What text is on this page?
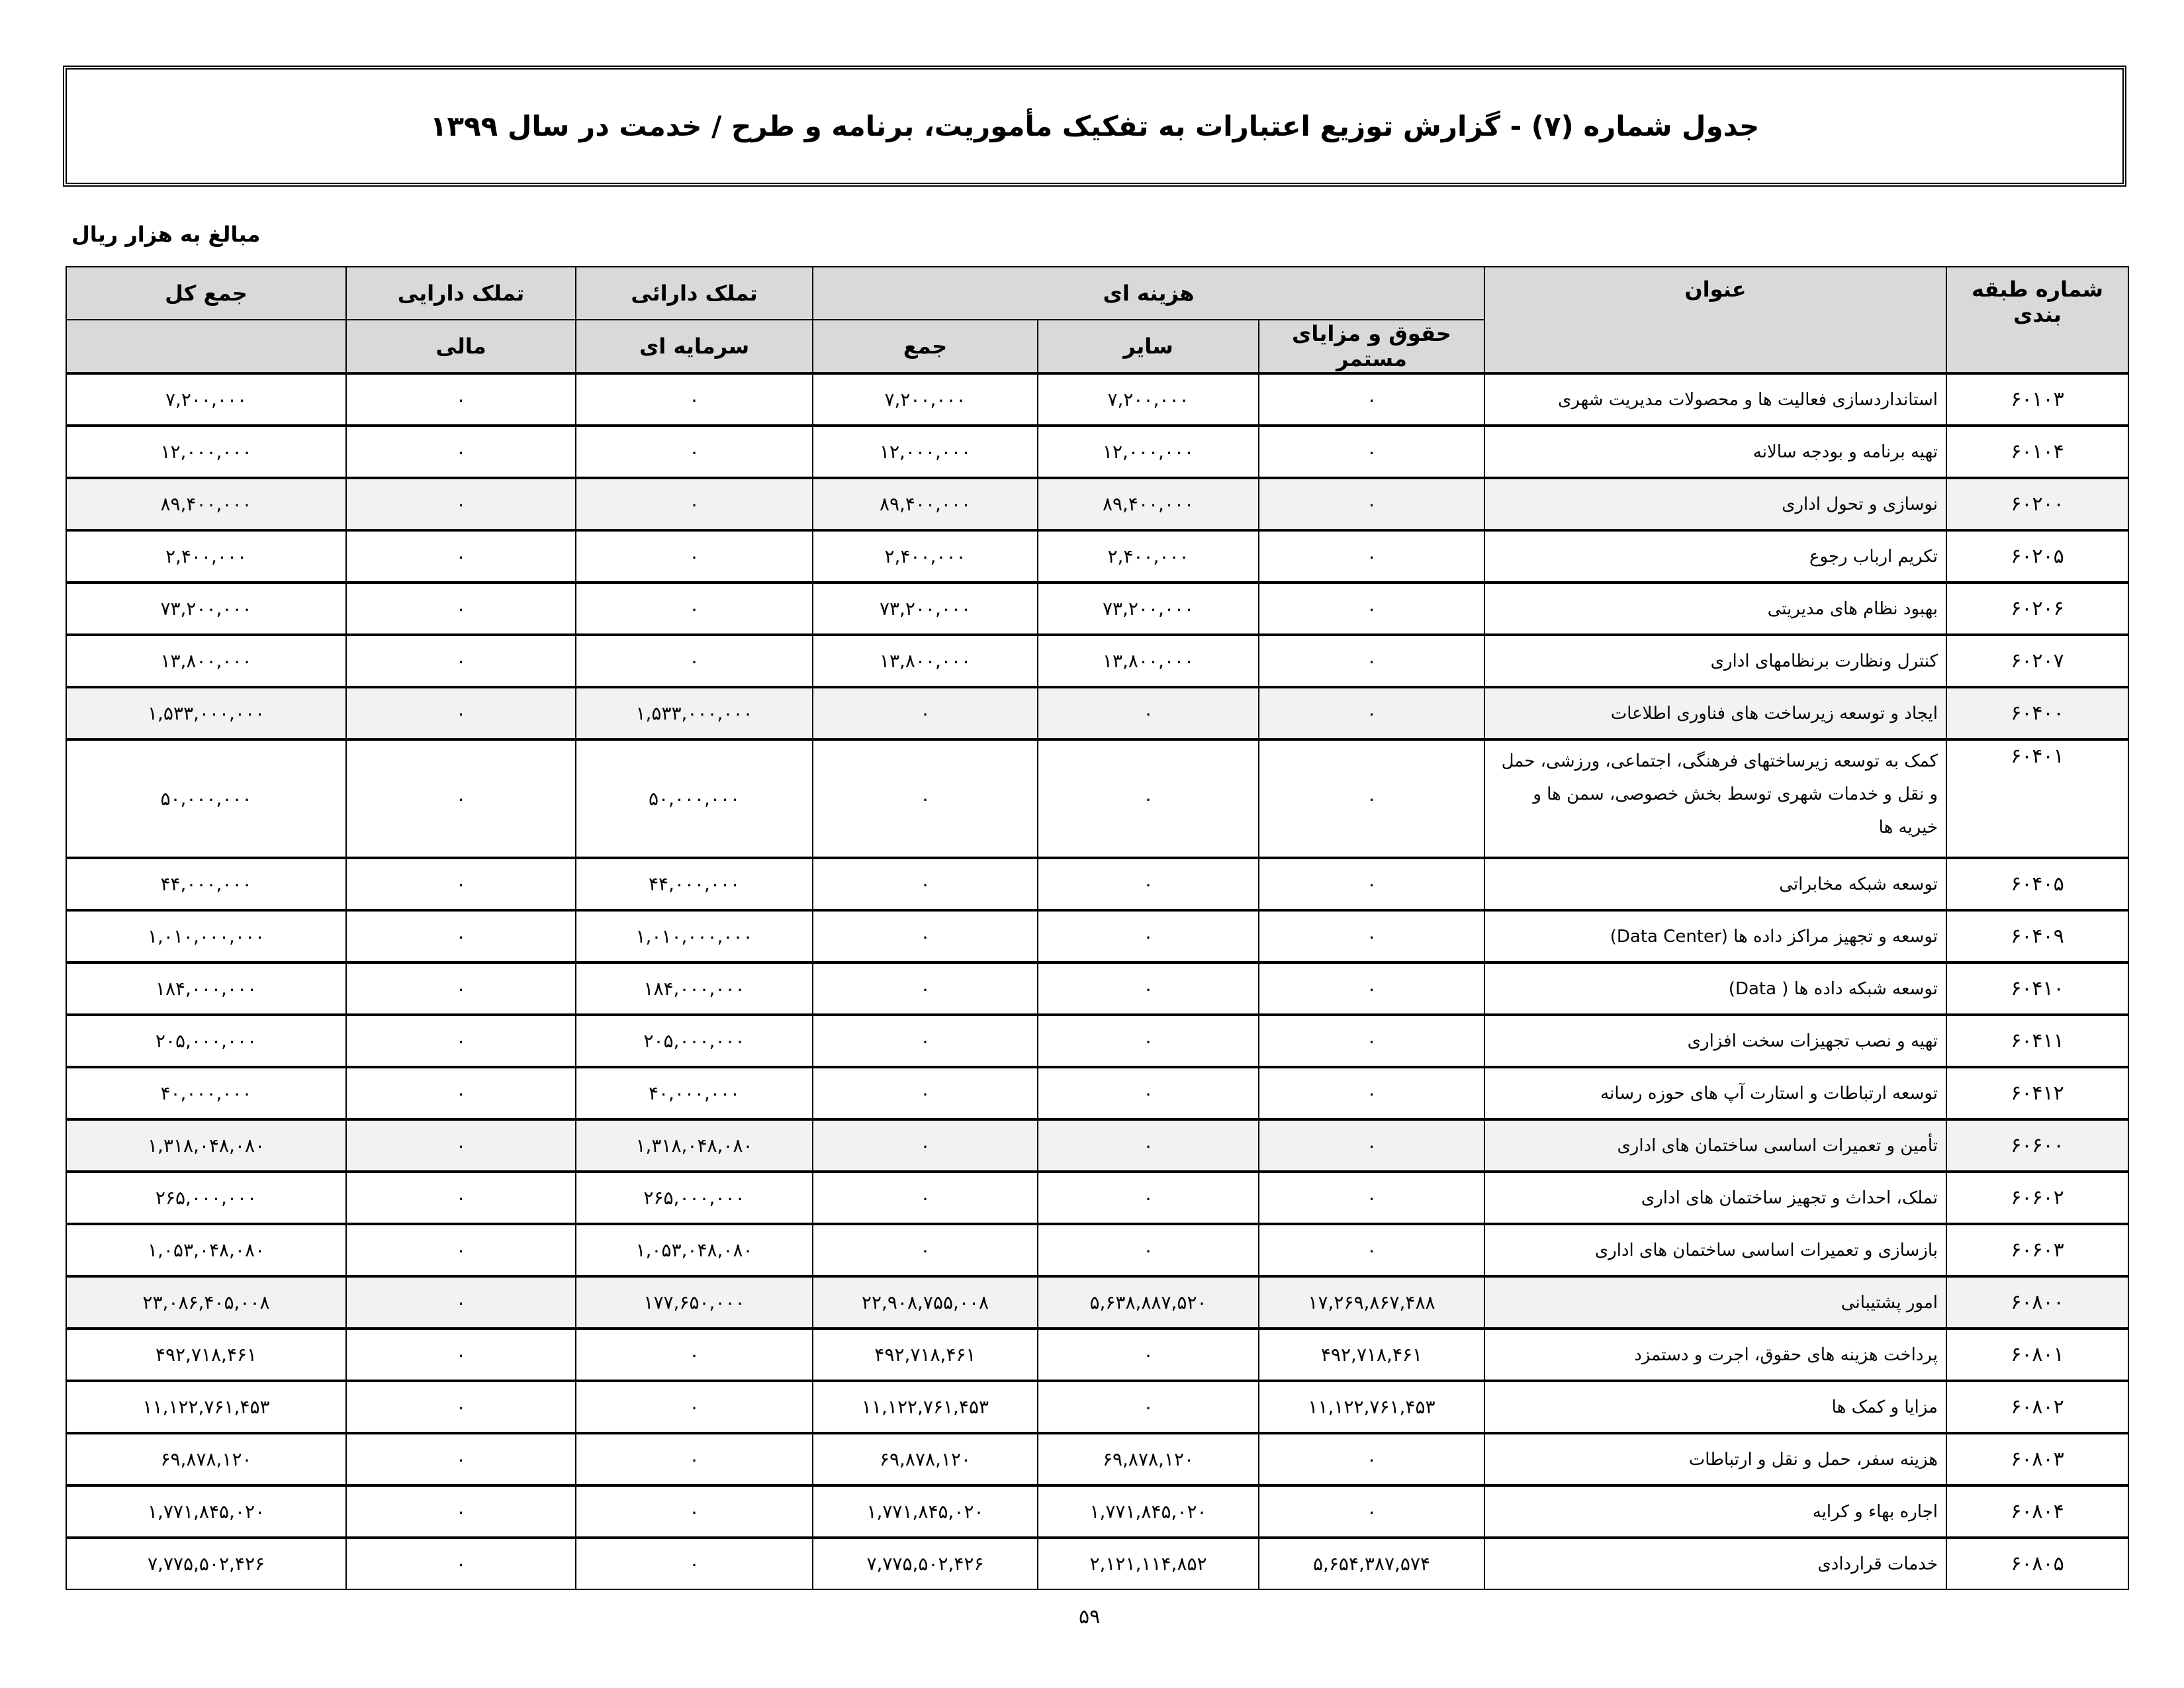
جدول شماره (۷) - گزارش توزیع اعتبارات به تفکیک مأموریت، برنامه و طرح / خدمت در سال ۱۳۹۹
مبالغ به هزار ریال
شماره طبقه بندی	عنوان	هزینه ای			تملک دارائی	تملک دارایی	جمع کل
		حقوق و مزایای مستمر	سایر	جمع	سرمایه ای	مالی	
۶۰۱۰۳	استانداردسازی فعالیت ها و محصولات مدیریت شهری	۰	۷,۲۰۰,۰۰۰	۷,۲۰۰,۰۰۰	۰	۰	۷,۲۰۰,۰۰۰
۶۰۱۰۴	تهیه برنامه و بودجه سالانه	۰	۱۲,۰۰۰,۰۰۰	۱۲,۰۰۰,۰۰۰	۰	۰	۱۲,۰۰۰,۰۰۰
۶۰۲۰۰	نوسازی و تحول اداری	۰	۸۹,۴۰۰,۰۰۰	۸۹,۴۰۰,۰۰۰	۰	۰	۸۹,۴۰۰,۰۰۰
۶۰۲۰۵	تکریم ارباب رجوع	۰	۲,۴۰۰,۰۰۰	۲,۴۰۰,۰۰۰	۰	۰	۲,۴۰۰,۰۰۰
۶۰۲۰۶	بهبود نظام های مدیریتی	۰	۷۳,۲۰۰,۰۰۰	۷۳,۲۰۰,۰۰۰	۰	۰	۷۳,۲۰۰,۰۰۰
۶۰۲۰۷	کنترل ونظارت برنظامهای اداری	۰	۱۳,۸۰۰,۰۰۰	۱۳,۸۰۰,۰۰۰	۰	۰	۱۳,۸۰۰,۰۰۰
۶۰۴۰۰	ایجاد و توسعه زیرساخت های فناوری اطلاعات	۰	۰	۰	۱,۵۳۳,۰۰۰,۰۰۰	۰	۱,۵۳۳,۰۰۰,۰۰۰
۶۰۴۰۱	کمک به توسعه زیرساختهای فرهنگی، اجتماعی، ورزشی، حمل و نقل و خدمات شهری توسط بخش خصوصی، سمن ها و خیریه ها	۰	۰	۰	۵۰,۰۰۰,۰۰۰	۰	۵۰,۰۰۰,۰۰۰
۶۰۴۰۵	توسعه شبکه مخابراتی	۰	۰	۰	۴۴,۰۰۰,۰۰۰	۰	۴۴,۰۰۰,۰۰۰
۶۰۴۰۹	توسعه و تجهیز مراکز داده ها (Data Center)	۰	۰	۰	۱,۰۱۰,۰۰۰,۰۰۰	۰	۱,۰۱۰,۰۰۰,۰۰۰
۶۰۴۱۰	توسعه شبکه داده ها ( Data)	۰	۰	۰	۱۸۴,۰۰۰,۰۰۰	۰	۱۸۴,۰۰۰,۰۰۰
۶۰۴۱۱	تهیه و نصب تجهیزات سخت افزاری	۰	۰	۰	۲۰۵,۰۰۰,۰۰۰	۰	۲۰۵,۰۰۰,۰۰۰
۶۰۴۱۲	توسعه ارتباطات و استارت آپ های حوزه رسانه	۰	۰	۰	۴۰,۰۰۰,۰۰۰	۰	۴۰,۰۰۰,۰۰۰
۶۰۶۰۰	تأمین و تعمیرات اساسی ساختمان های اداری	۰	۰	۰	۱,۳۱۸,۰۴۸,۰۸۰	۰	۱,۳۱۸,۰۴۸,۰۸۰
۶۰۶۰۲	تملک، احداث و تجهیز ساختمان های اداری	۰	۰	۰	۲۶۵,۰۰۰,۰۰۰	۰	۲۶۵,۰۰۰,۰۰۰
۶۰۶۰۳	بازسازی و تعمیرات اساسی ساختمان های اداری	۰	۰	۰	۱,۰۵۳,۰۴۸,۰۸۰	۰	۱,۰۵۳,۰۴۸,۰۸۰
۶۰۸۰۰	امور پشتیبانی	۱۷,۲۶۹,۸۶۷,۴۸۸	۵,۶۳۸,۸۸۷,۵۲۰	۲۲,۹۰۸,۷۵۵,۰۰۸	۱۷۷,۶۵۰,۰۰۰	۰	۲۳,۰۸۶,۴۰۵,۰۰۸
۶۰۸۰۱	پرداخت هزینه های حقوق، اجرت و دستمزد	۴۹۲,۷۱۸,۴۶۱	۰	۴۹۲,۷۱۸,۴۶۱	۰	۰	۴۹۲,۷۱۸,۴۶۱
۶۰۸۰۲	مزایا و کمک ها	۱۱,۱۲۲,۷۶۱,۴۵۳	۰	۱۱,۱۲۲,۷۶۱,۴۵۳	۰	۰	۱۱,۱۲۲,۷۶۱,۴۵۳
۶۰۸۰۳	هزینه سفر، حمل و نقل و ارتباطات	۰	۶۹,۸۷۸,۱۲۰	۶۹,۸۷۸,۱۲۰	۰	۰	۶۹,۸۷۸,۱۲۰
۶۰۸۰۴	اجاره بهاء و کرایه	۰	۱,۷۷۱,۸۴۵,۰۲۰	۱,۷۷۱,۸۴۵,۰۲۰	۰	۰	۱,۷۷۱,۸۴۵,۰۲۰
۶۰۸۰۵	خدمات قراردادی	۵,۶۵۴,۳۸۷,۵۷۴	۲,۱۲۱,۱۱۴,۸۵۲	۷,۷۷۵,۵۰۲,۴۲۶	۰	۰	۷,۷۷۵,۵۰۲,۴۲۶
۵۹
